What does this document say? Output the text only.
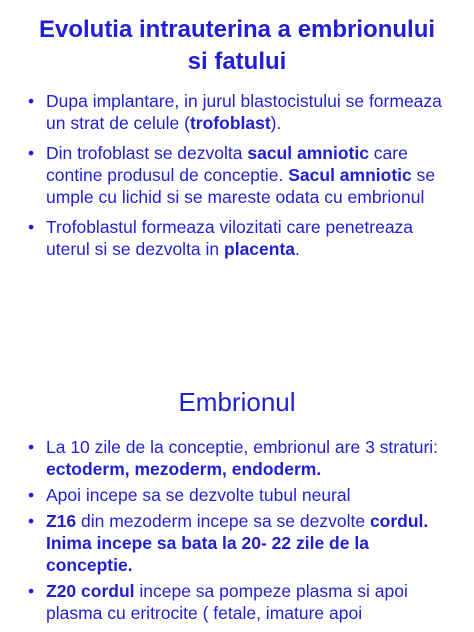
Evolutia intrauterina a embrionului si fatului
• Dupa implantare, in jurul blastocistului se formeaza un strat de celule (trofoblast).
• Din trofoblast se dezvolta sacul amniotic care contine produsul de conceptie. Sacul amniotic se umple cu lichid si se mareste odata cu embrionul
• Trofoblastul formeaza vilozitati care penetreaza uterul si se dezvolta in placenta.
Embrionul
• La 10 zile de la conceptie, embrionul are 3 straturi: ectoderm, mezoderm, endoderm.
• Apoi incepe sa se dezvolte tubul neural
• Z16 din mezoderm incepe sa se dezvolte cordul. Inima incepe sa bata la 20- 22 zile de la conceptie.
• Z20 cordul incepe sa pompeze plasma si apoi plasma cu eritrocite ( fetale, imature apoi
